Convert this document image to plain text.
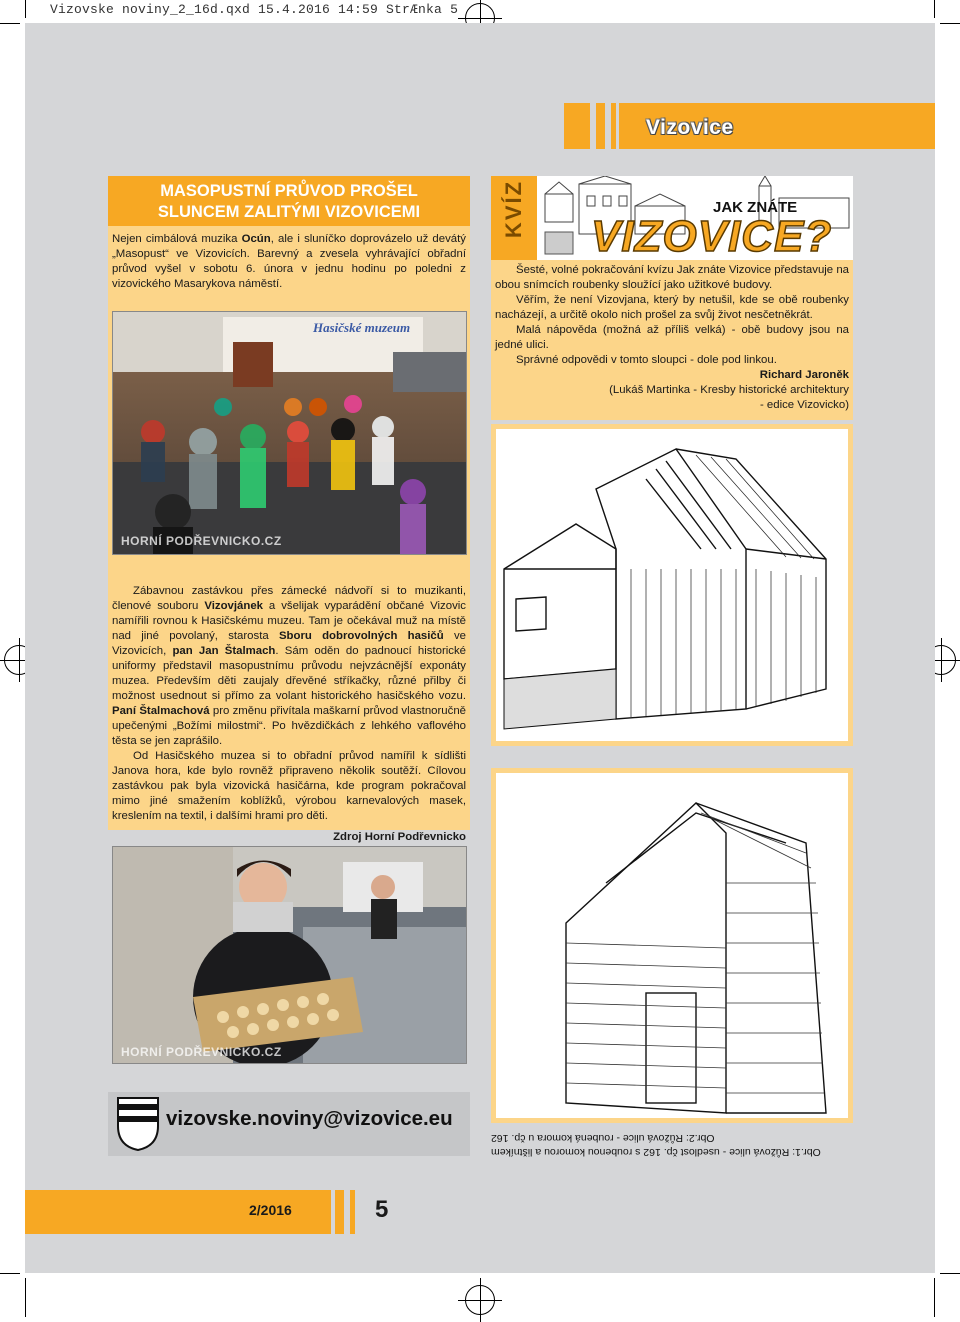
Vizovske noviny_2_16d.qxd 15.4.2016 14:59 StrÆnka 5
Vizovice
MASOPUSTNÍ PRŮVOD PROŠEL
SLUNCEM ZALITÝMI VIZOVICEMI
Nejen cimbálová muzika Ocún, ale i sluníčko doprovázelo už devátý „Masopust“ ve Vizovicích. Barevný a zvesela vyhrávající obřadní průvod vyšel v sobotu 6. února v jednu hodinu po poledni z vizovického Masarykova náměstí.
Hasičské muzeum
HORNÍ PODŘEVNICKO.CZ

Zábavnou zastávkou přes zámecké nádvoří si to muzikanti, členové souboru Vizovjánek a všelijak vyparádění občané Vizovic namířili rovnou k Hasičskému muzeu. Tam je očekával muž na místě nad jiné povolaný, starosta Sboru dobrovolných hasičů ve Vizovicích, pan Jan Štalmach. Sám oděn do padnoucí historické uniformy představil masopustnímu průvodu nejvzácnější exponáty muzea. Především děti zaujaly dřevěné stříkačky, různé přilby či možnost usednout si přímo za volant historického hasičského vozu. Paní Štalmachová pro změnu přivítala maškarní průvod vlastnoručně upečenými „Božími milostmi“. Po hvězdičkách z lehkého vaflového těsta se jen zaprášilo.

Od Hasičského muzea si to obřadní průvod namířil k sídlišti Janova hora, kde bylo rovněž připraveno několik soutěží. Cílovou zastávkou pak byla vizovická hasičárna, kde program pokračoval mimo jiné smažením koblížků, výrobou karnevalových masek, kreslením na textil, i dalšími hrami pro děti.

Zdroj Horní Podřevnicko
HORNÍ PODŘEVNICKO.CZ
KVÍZ	JAK ZNÁTE
VIZOVICE?

Šesté, volné pokračování kvízu Jak znáte Vizovice představuje na obou snímcích roubenky sloužící jako užitkové budovy.

Věřím, že není Vizovjana, který by netušil, kde se obě roubenky nacházejí, a určitě okolo nich prošel za svůj život nesčetněkrát.

Malá nápověda (možná až příliš velká) - obě budovy jsou na jedné ulici.

Správné odpovědi v tomto sloupci - dole pod linkou.

Richard Jaroněk
(Lukáš Martinka - Kresby historické architektury
- edice Vizovicko)
Obr.1: Růžová ulice - usedlost čp. 162 s roubenou komorou a lištníkem
Obr.2: Růžová ulice - roubená komora u čp. 162
vizovske.noviny@vizovice.eu
2/2016	5
